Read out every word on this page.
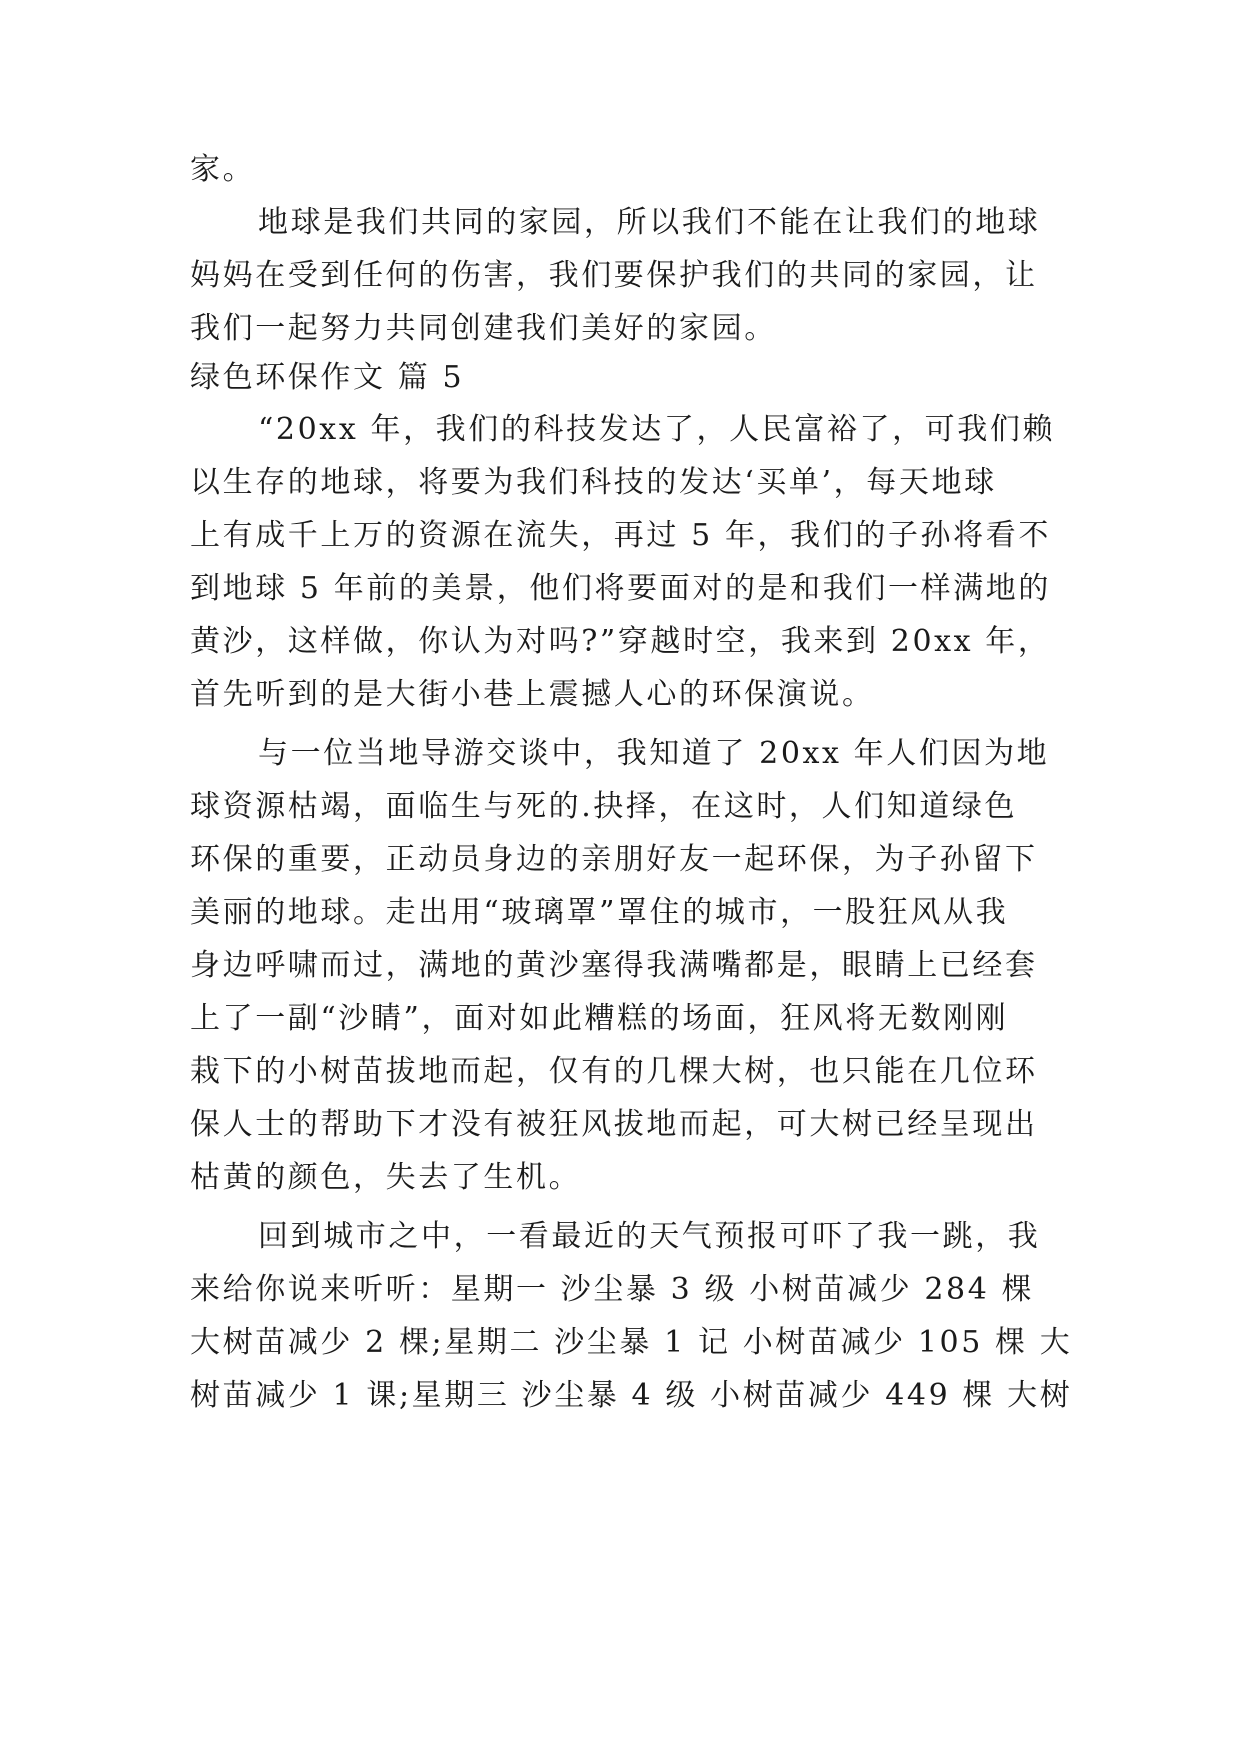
家。
地球是我们共同的家园，所以我们不能在让我们的地球
妈妈在受到任何的伤害，我们要保护我们的共同的家园，让
我们一起努力共同创建我们美好的家园。
绿色环保作文 篇 5
“20xx 年，我们的科技发达了，人民富裕了，可我们赖
以生存的地球，将要为我们科技的发达‘买单’，每天地球
上有成千上万的资源在流失，再过 5 年，我们的子孙将看不
到地球 5 年前的美景，他们将要面对的是和我们一样满地的
黄沙，这样做，你认为对吗?”穿越时空，我来到 20xx 年，
首先听到的是大街小巷上震撼人心的环保演说。
与一位当地导游交谈中，我知道了 20xx 年人们因为地
球资源枯竭，面临生与死的.抉择，在这时，人们知道绿色
环保的重要，正动员身边的亲朋好友一起环保，为子孙留下
美丽的地球。走出用“玻璃罩”罩住的城市，一股狂风从我
身边呼啸而过，满地的黄沙塞得我满嘴都是，眼睛上已经套
上了一副“沙睛”，面对如此糟糕的场面，狂风将无数刚刚
栽下的小树苗拔地而起，仅有的几棵大树，也只能在几位环
保人士的帮助下才没有被狂风拔地而起，可大树已经呈现出
枯黄的颜色，失去了生机。
回到城市之中，一看最近的天气预报可吓了我一跳，我
来给你说来听听：星期一 沙尘暴 3 级 小树苗减少 284 棵
大树苗减少 2 棵;星期二 沙尘暴 1 记 小树苗减少 105 棵 大
树苗减少 1 课;星期三 沙尘暴 4 级 小树苗减少 449 棵 大树
